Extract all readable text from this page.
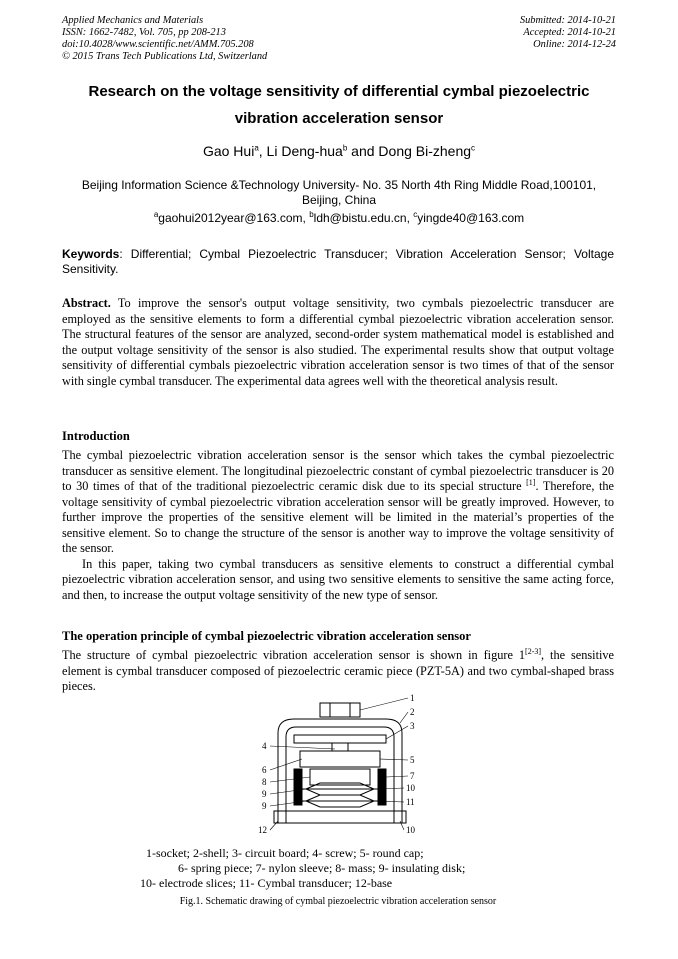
Applied Mechanics and Materials
ISSN: 1662-7482, Vol. 705, pp 208-213
doi:10.4028/www.scientific.net/AMM.705.208
© 2015 Trans Tech Publications Ltd, Switzerland
Submitted: 2014-10-21
Accepted: 2014-10-21
Online: 2014-12-24
Research on the voltage sensitivity of differential cymbal piezoelectric
vibration acceleration sensor
Gao Hui$^a$, Li Deng-hua$^b$ and Dong Bi-zheng$^c$
Beijing Information Science &Technology University- No. 35 North 4th Ring Middle Road,100101,
Beijing, China
$^a$gaohui2012year@163.com, $^b$ldh@bistu.edu.cn, $^c$yingde40@163.com
Keywords: Differential; Cymbal Piezoelectric Transducer; Vibration Acceleration Sensor; Voltage Sensitivity.
Abstract. To improve the sensor's output voltage sensitivity, two cymbals piezoelectric transducer are employed as the sensitive elements to form a differential cymbal piezoelectric vibration acceleration sensor. The structural features of the sensor are analyzed, second-order system mathematical model is established and the output voltage sensitivity of the sensor is also studied. The experimental results show that output voltage sensitivity of differential cymbals piezoelectric vibration acceleration sensor is two times of that of the sensor with single cymbal transducer. The experimental data agrees well with the theoretical analysis result.
Introduction

The cymbal piezoelectric vibration acceleration sensor is the sensor which takes the cymbal piezoelectric transducer as sensitive element. The longitudinal piezoelectric constant of cymbal piezoelectric transducer is 20 to 30 times of that of the traditional piezoelectric ceramic disk due to its special structure [1]. Therefore, the voltage sensitivity of cymbal piezoelectric vibration acceleration sensor will be greatly improved. However, to further improve the properties of the sensitive element will be limited in the material’s properties of the sensitive element. So to change the structure of the sensor is another way to improve the voltage sensitivity of the sensor.

In this paper, taking two cymbal transducers as sensitive elements to construct a differential cymbal piezoelectric vibration acceleration sensor, and using two sensitive elements to sensitive the same acting force, and then, to increase the output voltage sensitivity of the new type of sensor.

The operation principle of cymbal piezoelectric vibration acceleration sensor

The structure of cymbal piezoelectric vibration acceleration sensor is shown in figure 1[2-3], the sensitive element is cymbal transducer composed of piezoelectric ceramic piece (PZT-5A) and two cymbal-shaped brass pieces.

1
2
3
5
7
10
11
10
4
6
8
9
9
12
1-socket; 2-shell; 3- circuit board; 4- screw; 5- round cap;
6- spring piece; 7- nylon sleeve; 8- mass; 9- insulating disk;
10- electrode slices; 11- Cymbal transducer; 12-base
Fig.1. Schematic drawing of cymbal piezoelectric vibration acceleration sensor
